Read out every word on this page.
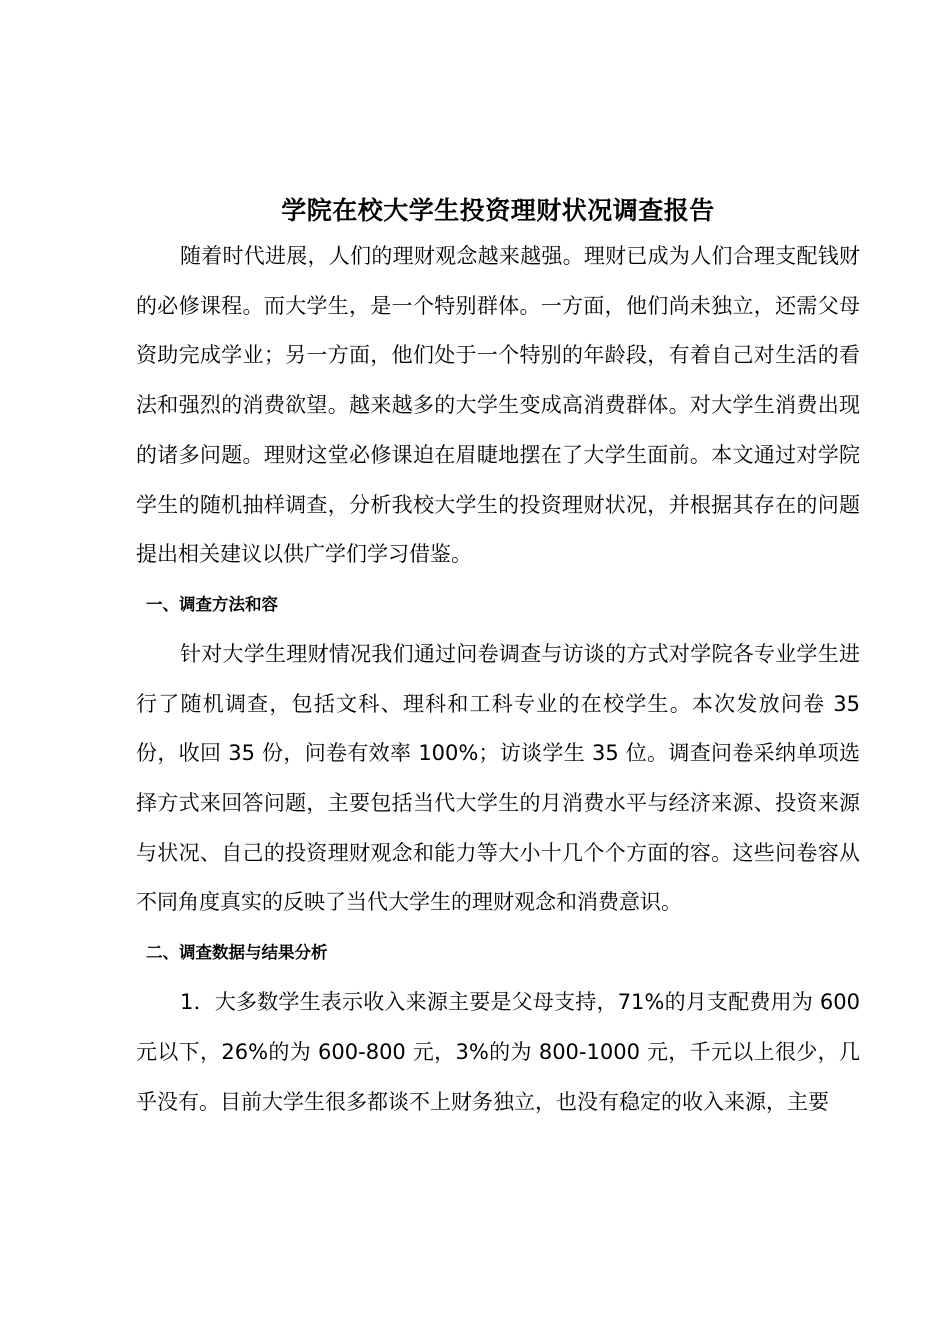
学院在校大学生投资理财状况调查报告

随着时代进展，人们的理财观念越来越强。理财已成为人们合理支配钱财的必修课程。而大学生，是一个特别群体。一方面，他们尚未独立，还需父母资助完成学业；另一方面，他们处于一个特别的年龄段，有着自己对生活的看法和强烈的消费欲望。越来越多的大学生变成高消费群体。对大学生消费出现的诸多问题。理财这堂必修课迫在眉睫地摆在了大学生面前。本文通过对学院学生的随机抽样调查，分析我校大学生的投资理财状况，并根据其存在的问题提出相关建议以供广学们学习借鉴。

一、调查方法和容

针对大学生理财情况我们通过问卷调查与访谈的方式对学院各专业学生进行了随机调查，包括文科、理科和工科专业的在校学生。本次发放问卷 35 份，收回 35 份，问卷有效率 100%；访谈学生 35 位。调查问卷采纳单项选择方式来回答问题，主要包括当代大学生的月消费水平与经济来源、投资来源与状况、自己的投资理财观念和能力等大小十几个个方面的容。这些问卷容从不同角度真实的反映了当代大学生的理财观念和消费意识。

二、调查数据与结果分析

1．大多数学生表示收入来源主要是父母支持，71%的月支配费用为 600 元以下，26%的为 600-800 元，3%的为 800-1000 元，千元以上很少，几乎没有。目前大学生很多都谈不上财务独立，也没有稳定的收入来源，主要
